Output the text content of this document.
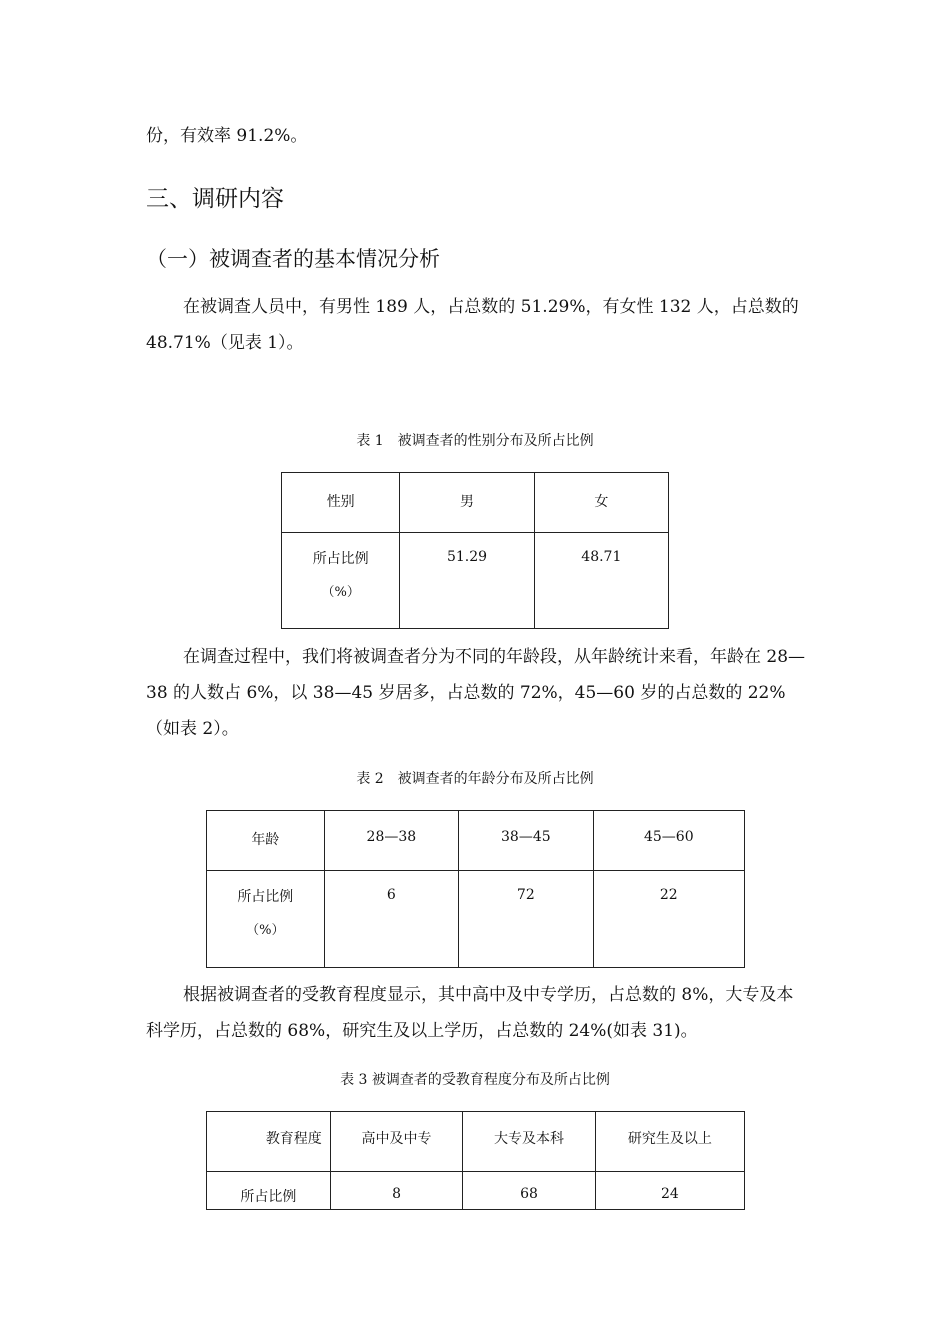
份，有效率 91.2%。

三、调研内容
（一）被调查者的基本情况分析

在被调查人员中，有男性 189 人，占总数的 51.29%，有女性 132 人，占总数的 48.71%（见表 1）。

表 1　被调查者的性别分布及所占比例

性别	男	女

所占比例
（%）	51.29	48.71

在调查过程中，我们将被调查者分为不同的年龄段，从年龄统计来看，年龄在 28—38 的人数占 6%，以 38—45 岁居多，占总数的 72%，45—60 岁的占总数的 22%（如表 2）。

表 2　被调查者的年龄分布及所占比例

年龄	28—38	38—45	45—60

所占比例
（%）	6	72	22

根据被调查者的受教育程度显示，其中高中及中专学历，占总数的 8%，大专及本科学历，占总数的 68%，研究生及以上学历，占总数的 24%(如表 31)。

表 3 被调查者的受教育程度分布及所占比例

教育程度	高中及中专	大专及本科	研究生及以上
所占比例	8	68	24
